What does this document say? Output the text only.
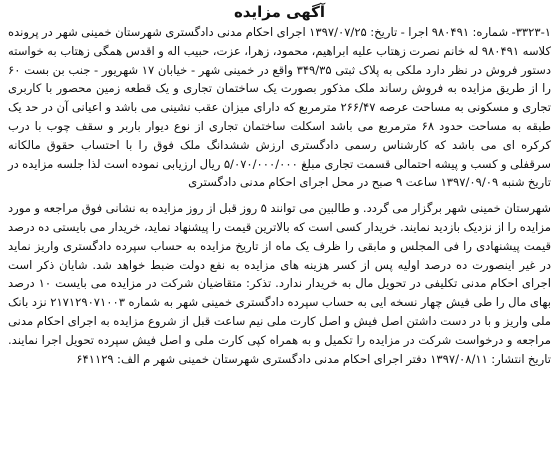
آگهی مزایده

۳۳۲۳-۱- شماره: ۹۸۰۴۹۱ اجرا - تاریخ: ۱۳۹۷/۰۷/۲۵ اجرای احکام مدنی دادگستری شهرستان خمینی شهر در پرونده کلاسه ۹۸۰۴۹۱ له خانم نصرت زهتاب علیه ابراهیم، محمود، زهرا، عزت، حبیب اله و اقدس همگی زهتاب به خواسته دستور فروش در نظر دارد ملکی به پلاک ثبتی ۳۴۹/۳۵ واقع در خمینی شهر - خیابان ۱۷ شهریور - جنب بن بست ۶۰ را از طریق مزایده به فروش رساند ملک مذکور بصورت یک ساختمان تجاری و یک قطعه زمین محصور با کاربری تجاری و مسکونی به مساحت عرصه ۲۶۶/۴۷ مترمربع که دارای میزان عقب نشینی می باشد و اعیانی آن در حد یک طبقه به مساحت حدود ۶۸ مترمربع می باشد اسکلت ساختمان تجاری از نوع دیوار باربر و سقف چوب با درب کرکره ای می باشد که کارشناس رسمی دادگستری ارزش ششدانگ ملک فوق را با احتساب حقوق مالکانه سرقفلی و کسب و پیشه احتمالی قسمت تجاری مبلغ ۵/۰۷۰/۰۰۰/۰۰۰ ریال ارزیابی نموده است لذا جلسه مزایده در تاریخ شنبه ۱۳۹۷/۰۹/۰۹ ساعت ۹ صبح در محل اجرای احکام مدنی دادگستری

شهرستان خمینی شهر برگزار می گردد. و طالبین می توانند ۵ روز قبل از روز مزایده به نشانی فوق مراجعه و مورد مزایده را از نزدیک بازدید نمایند. خریدار کسی است که بالاترین قیمت را پیشنهاد نماید، خریدار می بایستی ده درصد قیمت پیشنهادی را فی المجلس و مابقی را ظرف یک ماه از تاریخ مزایده به حساب سپرده دادگستری واریز نماید در غیر اینصورت ده درصد اولیه پس از کسر هزینه های مزایده به نفع دولت ضبط خواهد شد. شایان ذکر است اجرای احکام مدنی تکلیفی در تحویل مال به خریدار ندارد. تذکر: متقاضیان شرکت در مزایده می بایست ۱۰ درصد بهای مال را طی فیش چهار نسخه ایی به حساب سپرده دادگستری خمینی شهر به شماره ۲۱۷۱۲۹۰۷۱۰۰۳ نزد بانک ملی واریز و با در دست داشتن اصل فیش و اصل کارت ملی نیم ساعت قبل از شروع مزایده به اجرای احکام مدنی مراجعه و درخواست شرکت در مزایده را تکمیل و به همراه کپی کارت ملی و اصل فیش سپرده تحویل اجرا نمایند. تاریخ انتشار: ۱۳۹۷/۰۸/۱۱ دفتر اجرای احکام مدنی دادگستری شهرستان خمینی شهر م الف: ۶۴۱۱۲۹
